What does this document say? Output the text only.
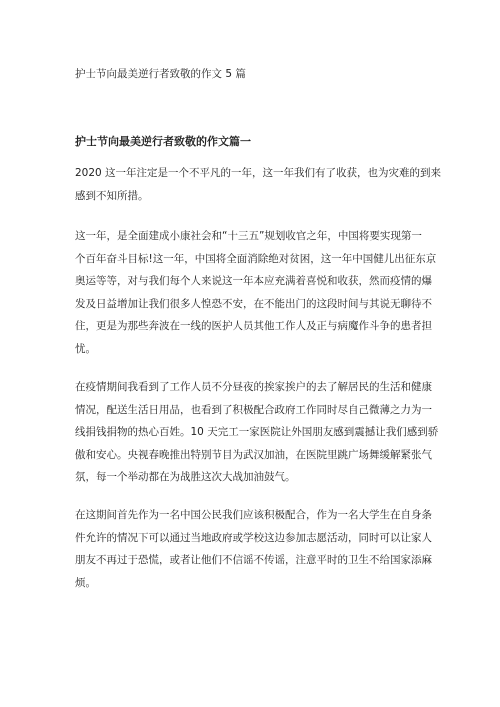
护士节向最美逆行者致敬的作文 5 篇
护士节向最美逆行者致敬的作文篇一
2020 这一年注定是一个不平凡的一年，这一年我们有了收获，也为灾难的到来
感到不知所措。
这一年，是全面建成小康社会和“十三五”规划收官之年，中国将要实现第一
个百年奋斗目标!这一年，中国将全面消除绝对贫困，这一年中国健儿出征东京
奥运等等，对与我们每个人来说这一年本应充满着喜悦和收获，然而疫情的爆
发及日益增加让我们很多人惶恐不安，在不能出门的这段时间与其说无聊待不
住，更是为那些奔波在一线的医护人员其他工作人及正与病魔作斗争的患者担
忧。
在疫情期间我看到了工作人员不分昼夜的挨家挨户的去了解居民的生活和健康
情况，配送生活日用品，也看到了积极配合政府工作同时尽自己微薄之力为一
线捐钱捐物的热心百姓。10 天完工一家医院让外国朋友感到震撼让我们感到骄
傲和安心。央视春晚推出特别节目为武汉加油，在医院里跳广场舞缓解紧张气
氛，每一个举动都在为战胜这次大战加油鼓气。
在这期间首先作为一名中国公民我们应该积极配合，作为一名大学生在自身条
件允许的情况下可以通过当地政府或学校这边参加志愿活动，同时可以让家人
朋友不再过于恐慌，或者让他们不信谣不传谣，注意平时的卫生不给国家添麻
烦。
